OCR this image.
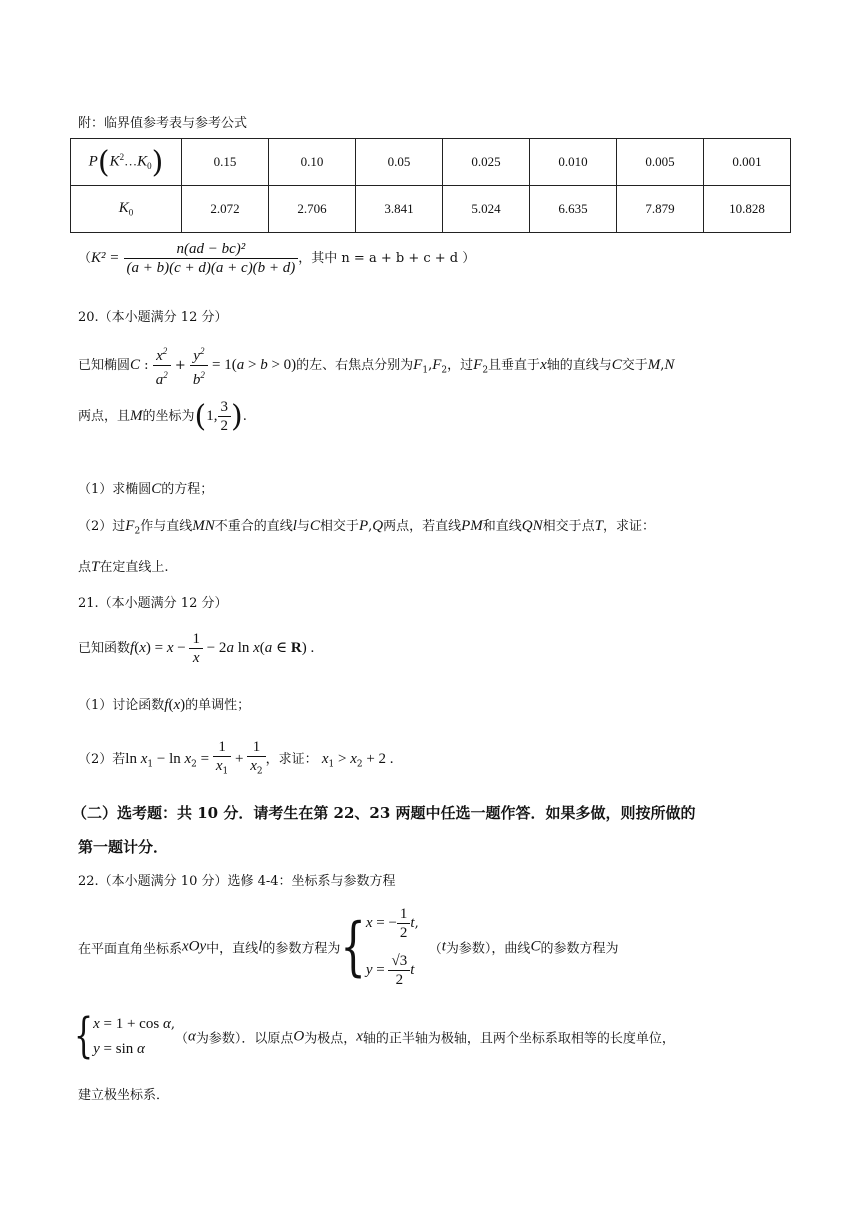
附：临界值参考表与参考公式
$P(K^2\dots K_0)$	0.15	0.10	0.05	0.025	0.010	0.005	0.001
$K_0$	2.072	2.706	3.841	5.024	6.635	7.879	10.828
（$K^2 = \frac{\text{n(ad − bc)²}}{(a + b)(c + d)(a + c)(b + d)}$ ，其中 n = a + b + c + d ）
20.（本小题满分 12 分）
已知椭圆C : $\frac{x^2}{a^2} + \frac{y^2}{b^2} = 1(a > b > 0)$的左、右焦点分别为$F_1,F_2$，过$F_2$且垂直于x轴的直线与C交于M,N
两点，且M的坐标为(1, $\frac{3}{2}$ ).
（1）求椭圆C的方程；
（2）过$F_2$作与直线MN不重合的直线l与C相交于P,Q两点，若直线PM和直线QN相交于点T，求证：
点T在定直线上.
21.（本小题满分 12 分）
已知函数$f(x) = x - \frac{1}{x} - 2a$ ln x(a ∈ R) .
（1）讨论函数f(x)的单调性；
（2）若$\ln x_1 - \ln x_2 = \frac{1}{x_1} + \frac{1}{x_2}$ ，求证： $x_1 > x_2 + 2$ .
（二）选考题：共 10 分．请考生在第 22、23 两题中任选一题作答．如果多做，则按所做的
第一题计分．
22.（本小题满分 10 分）选修 4-4：坐标系与参数方程
在平面直角坐标系xOy中，直线l的参数方程为{ x = − $\frac{1}{2} t$,
$y = \frac{√3}{2}$ t
（t为参数），曲线C的参数方程为
{ x = 1 + cos α,
y = sin α
（α为参数）．以原点O为极点，x轴的正半轴为极轴，且两个坐标系取相等的长度单位，
建立极坐标系．
